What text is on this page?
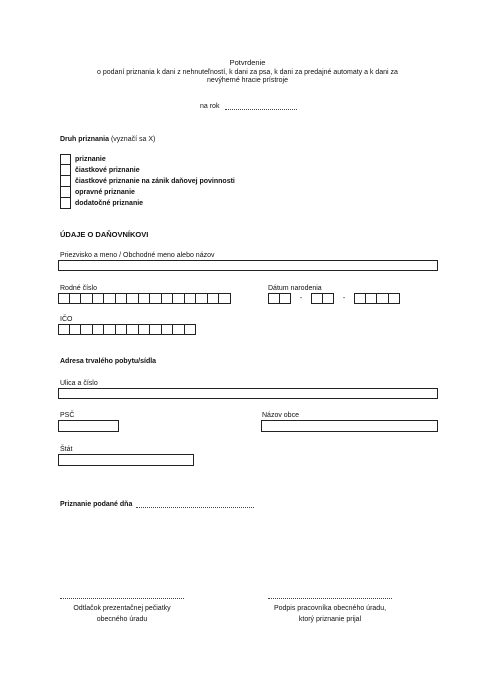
Potvrdenie
o podaní priznania k dani z nehnuteľností, k dani za psa, k dani za predajné automaty a k dani za
nevýherné hracie prístroje
na rok
Druh priznania (vyznačí sa X)
priznanie
čiastkové priznanie
čiastkové priznanie na zánik daňovej povinnosti
opravné priznanie
dodatočné priznanie
ÚDAJE O DAŇOVNÍKOVI
Priezvisko a meno / Obchodné meno alebo názov
Rodné číslo	Dátum narodenia
-	-
IČO
Adresa trvalého pobytu/sídla
Ulica a číslo
PSČ	Názov obce
Štát
Priznanie podané dňa
Odtlačok prezentačnej pečiatky
obecného úradu
Podpis pracovníka obecného úradu,
ktorý priznanie prijal
